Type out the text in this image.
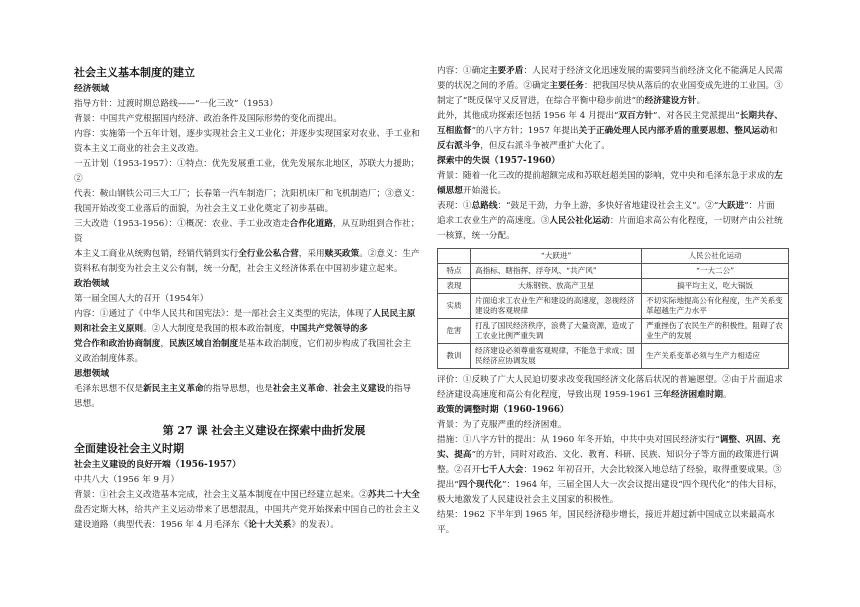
社会主义基本制度的建立
经济领域

指导方针：过渡时期总路线——“一化三改”（1953）

背景：中国共产党根据国内经济、政治条件及国际形势的变化而提出。

内容：实施第一个五年计划，逐步实现社会主义工业化；并逐步实现国家对农业、手工业和

资本主义工商业的社会主义改造。

一五计划（1953-1957）：①特点：优先发展重工业，优先发展东北地区，苏联大力援助；②

代表：鞍山钢铁公司三大工厂；长春第一汽车制造厂；沈阳机床厂和飞机制造厂；③意义：

我国开始改变工业落后的面貌，为社会主义工业化奠定了初步基础。

三大改造（1953-1956）：①概况：农业、手工业改造走合作化道路，从互助组到合作社；资

本主义工商业从统购包销，经销代销到实行全行业公私合营，采用赎买政策。②意义：生产

资料私有制变为社会主义公有制，统一分配，社会主义经济体系在中国初步建立起来。

政治领域

第一届全国人大的召开（1954年）

内容：①通过了《中华人民共和国宪法》：是一部社会主义类型的宪法，体现了人民民主原

则和社会主义原则。②人大制度是我国的根本政治制度，中国共产党领导的多

党合作和政治协商制度，民族区域自治制度是基本政治制度，它们初步构成了我国社会主

义政治制度体系。

思想领域

毛泽东思想不仅是新民主主义革命的指导思想，也是社会主义革命、社会主义建设的指导

思想。

第 27 课 社会主义建设在探索中曲折发展
全面建设社会主义时期
社会主义建设的良好开端（1956-1957）

中共八大（1956 年 9 月）

背景：①社会主义改造基本完成，社会主义基本制度在中国已经建立起来。②苏共二十大全

盘否定斯大林，给共产主义运动带来了思想混乱，中国共产党开始探索中国自己的社会主义

建设道路（典型代表：1956 年 4 月毛泽东《论十大关系》的发表）。

内容：①确定主要矛盾：人民对于经济文化迅速发展的需要同当前经济文化不能满足人民需

要的状况之间的矛盾。②确定主要任务：把我国尽快从落后的农业国变成先进的工业国。③

制定了“既反保守又反冒进，在综合平衡中稳步前进”的经济建设方针。

此外，其他成功探索还包括 1956 年 4 月提出“双百方针”、对各民主党派提出“长期共存、

互相监督”的八字方针；1957 年提出关于正确处理人民内部矛盾的重要思想、整风运动和

反右派斗争，但反右派斗争被严重扩大化了。

探索中的失误（1957-1960）

背景：随着一化三改的提前超额完成和苏联赶超美国的影响，党中央和毛泽东急于求成的左

倾思想开始滋长。

表现：①总路线：“鼓足干劲，力争上游，多快好省地建设社会主义”。②“大跃进”：片面

追求工农业生产的高速度。③人民公社化运动：片面追求高公有化程度，一切财产由公社统

一核算，统一分配。

	“大跃进”	人民公社化运动
特点	高指标、瞎指挥、浮夸风、“共产风”	“一大二公”
表现	大炼钢铁、放高产卫星	搞平均主义，吃大锅饭
实质	片面追求工农业生产和建设的高速度，忽视经济建设的客观规律	不切实际地提高公有化程度，生产关系变革超越生产力水平
危害	打乱了国民经济秩序，浪费了大量资源，造成了工农业比例严重失调	严重挫伤了农民生产的积极性，阻碍了农业生产的发展
教训	经济建设必须尊重客观规律，不能急于求成；国民经济应协调发展	生产关系变革必须与生产力相适应

评价：①反映了广大人民迫切要求改变我国经济文化落后状况的普遍愿望。②由于片面追求

经济建设高速度和高公有化程度，导致出现 1959-1961 三年经济困难时期。

政策的调整时期（1960-1966）

背景：为了克服严重的经济困难。

措施：①八字方针的提出：从 1960 年冬开始，中共中央对国民经济实行“调整、巩固、充

实、提高”的方针，同时对政治、文化、教育、科研、民族、知识分子等方面的政策进行调

整。②召开七千人大会：1962 年初召开，大会比较深入地总结了经验，取得重要成果。③

提出“四个现代化”：1964 年，三届全国人大一次会议提出建设“四个现代化”的伟大目标，

极大地激发了人民建设社会主义国家的积极性。

结果：1962 下半年到 1965 年，国民经济稳步增长，接近并超过新中国成立以来最高水平。
